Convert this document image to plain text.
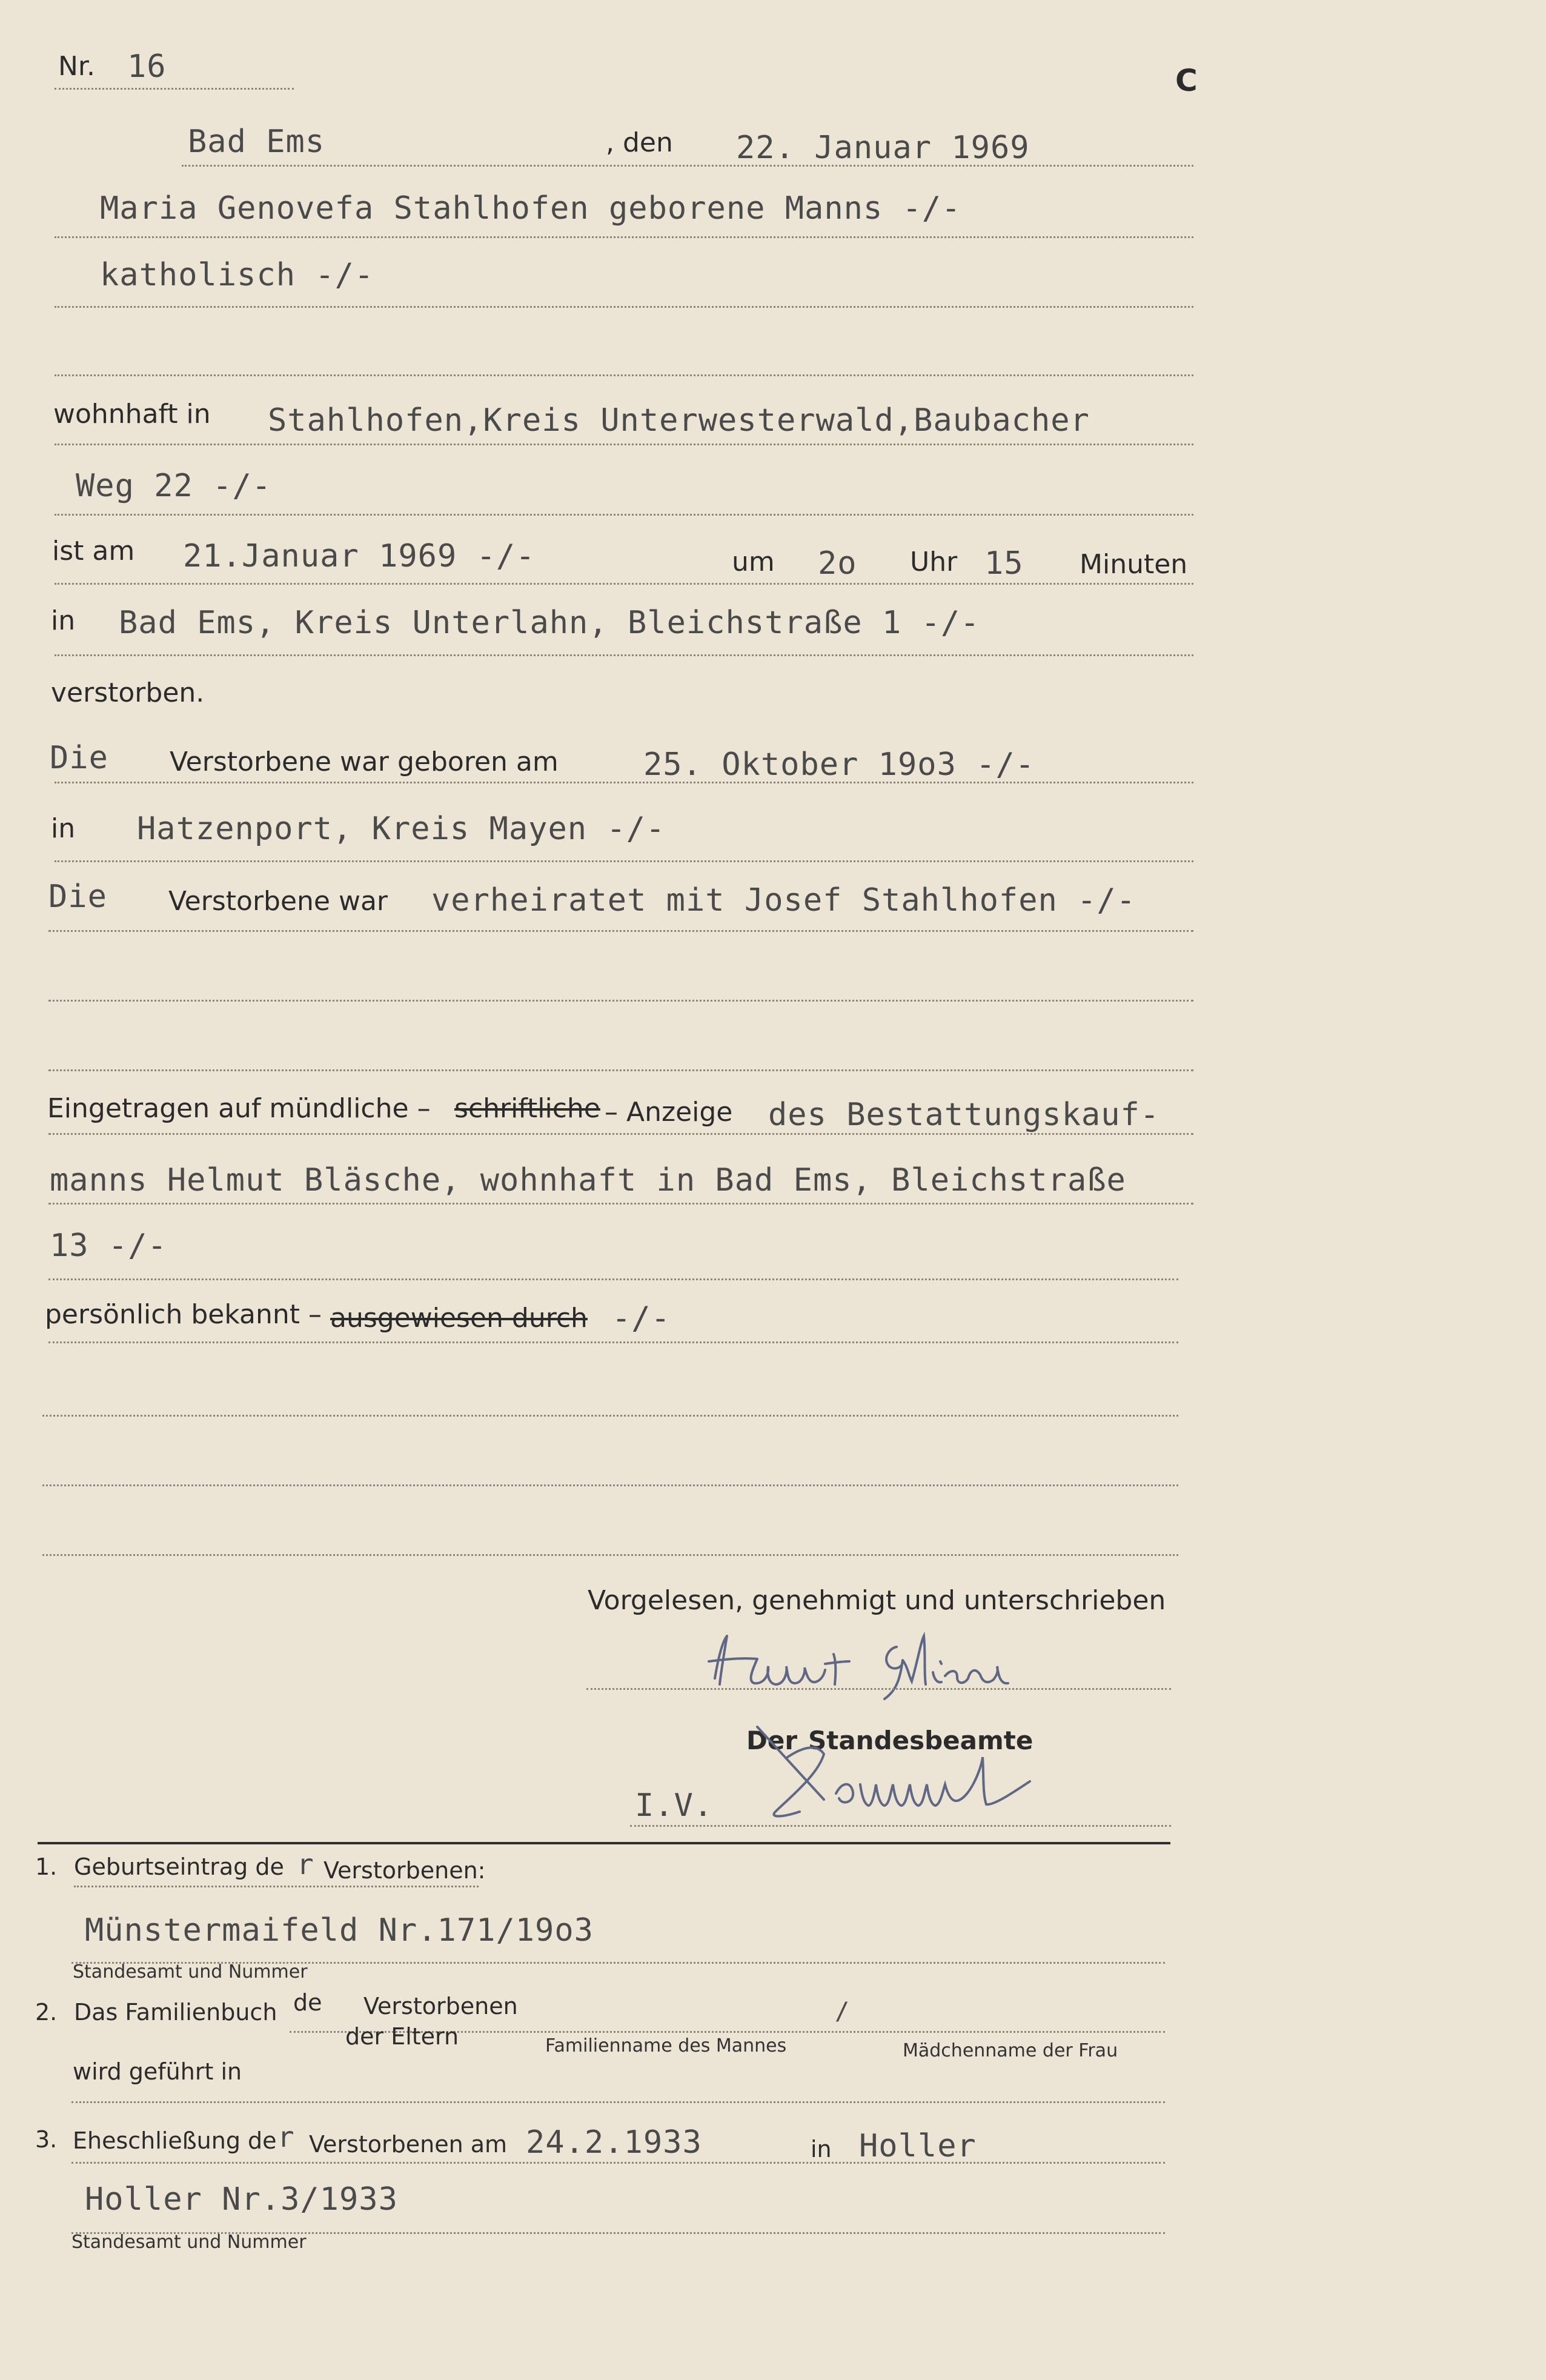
C
Nr. 16
Bad Ems	, den 22. Januar 1969
Maria Genovefa Stahlhofen geborene Manns -/-
katholisch -/-
wohnhaft in Stahlhofen,Kreis Unterwesterwald,Baubacher
Weg 22 -/-
ist am 21.Januar 1969 -/-	um 2o Uhr 15 Minuten
in Bad Ems, Kreis Unterlahn, Bleichstraße 1 -/-
verstorben.
Die Verstorbene war geboren am	25. Oktober 19o3 -/-
in Hatzenport, Kreis Mayen -/-
Die Verstorbene war verheiratet mit Josef Stahlhofen -/-
Eingetragen auf mündliche – schriftliche – Anzeige des Bestattungskauf-
manns Helmut Bläsche, wohnhaft in Bad Ems, Bleichstraße
13 -/-
persönlich bekannt – ausgewiesen durch -/-
Vorgelesen, genehmigt und unterschrieben
Der Standesbeamte
I.V.
1. Geburtseintrag de r Verstorbenen:
Münstermaifeld Nr.171/19o3
Standesamt und Nummer
2. Das Familienbuch de Verstorbenen	/
der Eltern	Familienname des Mannes	Mädchenname der Frau
wird geführt in
3. Eheschließung de r Verstorbenen am 24.2.1933	in Holler
Holler Nr.3/1933
Standesamt und Nummer
